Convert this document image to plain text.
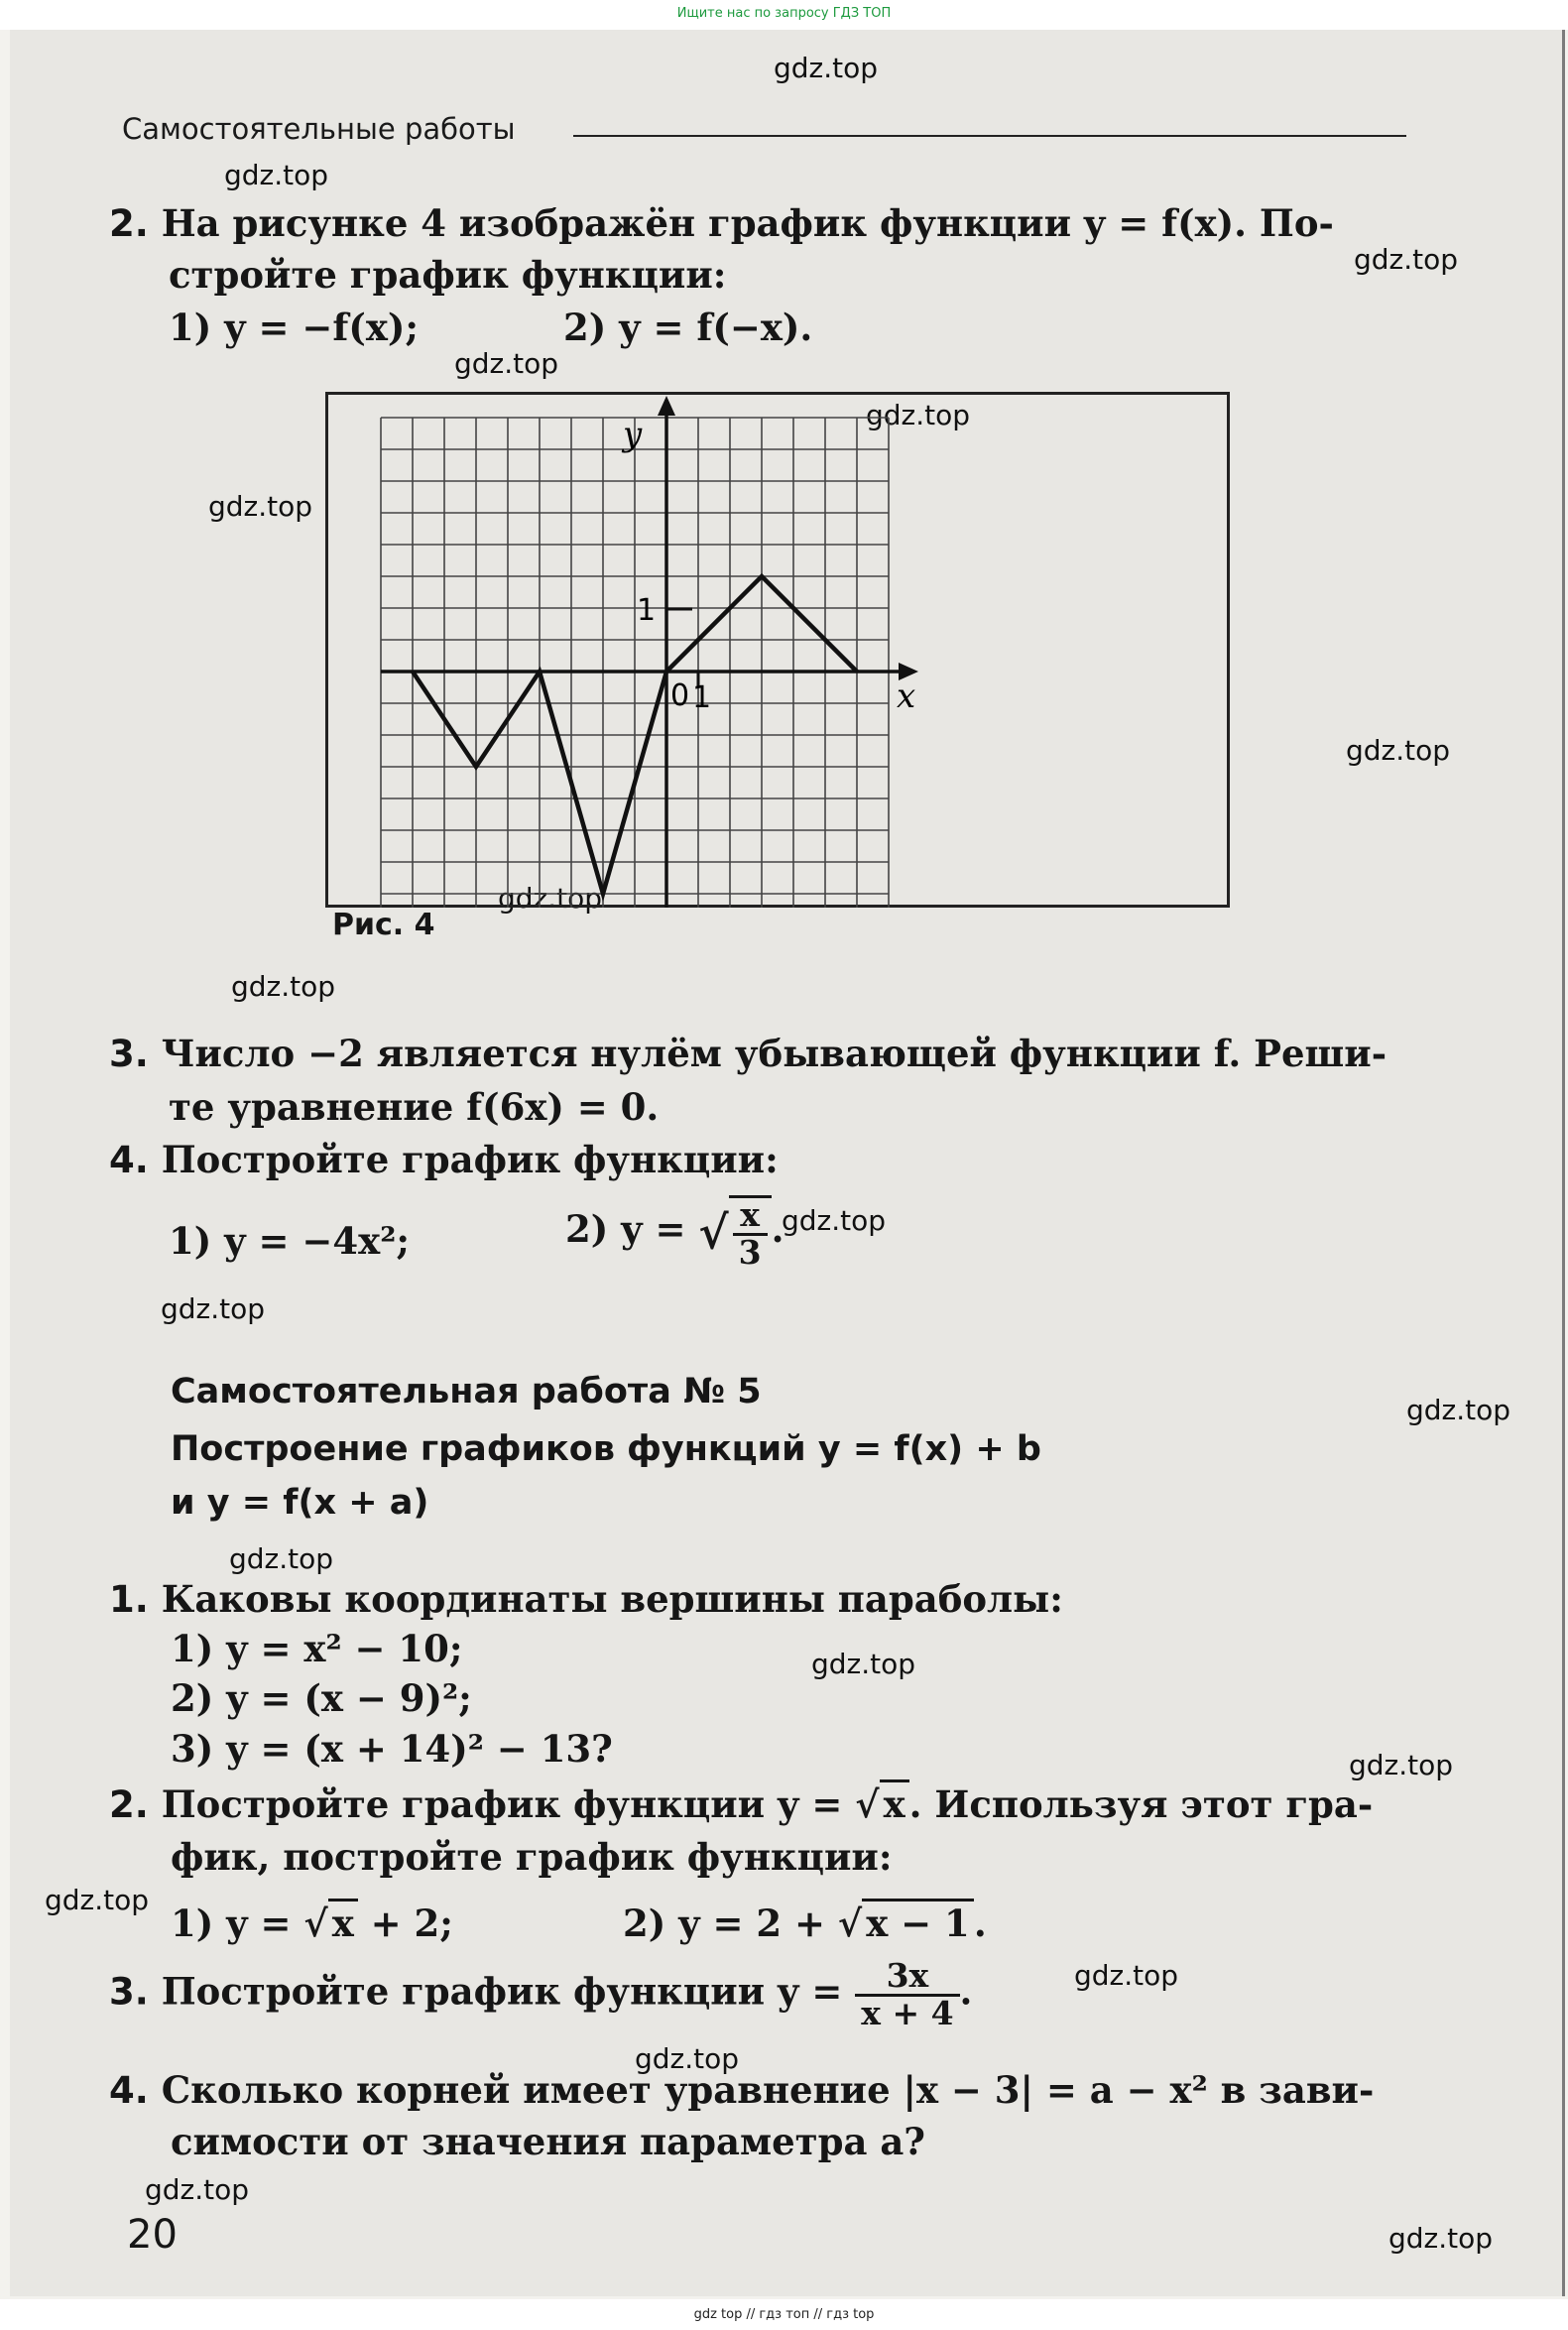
Ищите нас по запросу ГДЗ ТОП
gdz.top
gdz.top
gdz.top
gdz.top
gdz.top
gdz.top
gdz.top
gdz.top
gdz.top
gdz.top
gdz.top
gdz.top
gdz.top
gdz.top
gdz.top
gdz.top
gdz.top
gdz.top
gdz.top
gdz.top
Самостоятельные работы
2. На рисунке 4 изображён график функции y = f(x). По-
стройте график функции:
1) y = −f(x);	2) y = f(−x).
y
x
0 1
1
Рис. 4
3. Число −2 является нулём убывающей функции f. Реши-
те уравнение f(6x) = 0.
4. Постройте график функции:
1) y = −4x²;	2) y = √ $\frac{x}{3}$ .
Самостоятельная работа № 5
Построение графиков функций y = f(x) + b
и y = f(x + a)
1. Каковы координаты вершины параболы:
1) y = x² − 10;
2) y = (x − 9)²;
3) y = (x + 14)² − 13?
2. Постройте график функции y = √ x . Используя этот гра-
фик, постройте график функции:
1) y = √ x + 2;	2) y = 2 + √ x − 1 .
3. Постройте график функции $y = \frac{3x}{x + 4}$ .
4. Сколько корней имеет уравнение |x − 3| = a − x² в зави-
симости от значения параметра a?
20
gdz top // гдз топ // гдз top
